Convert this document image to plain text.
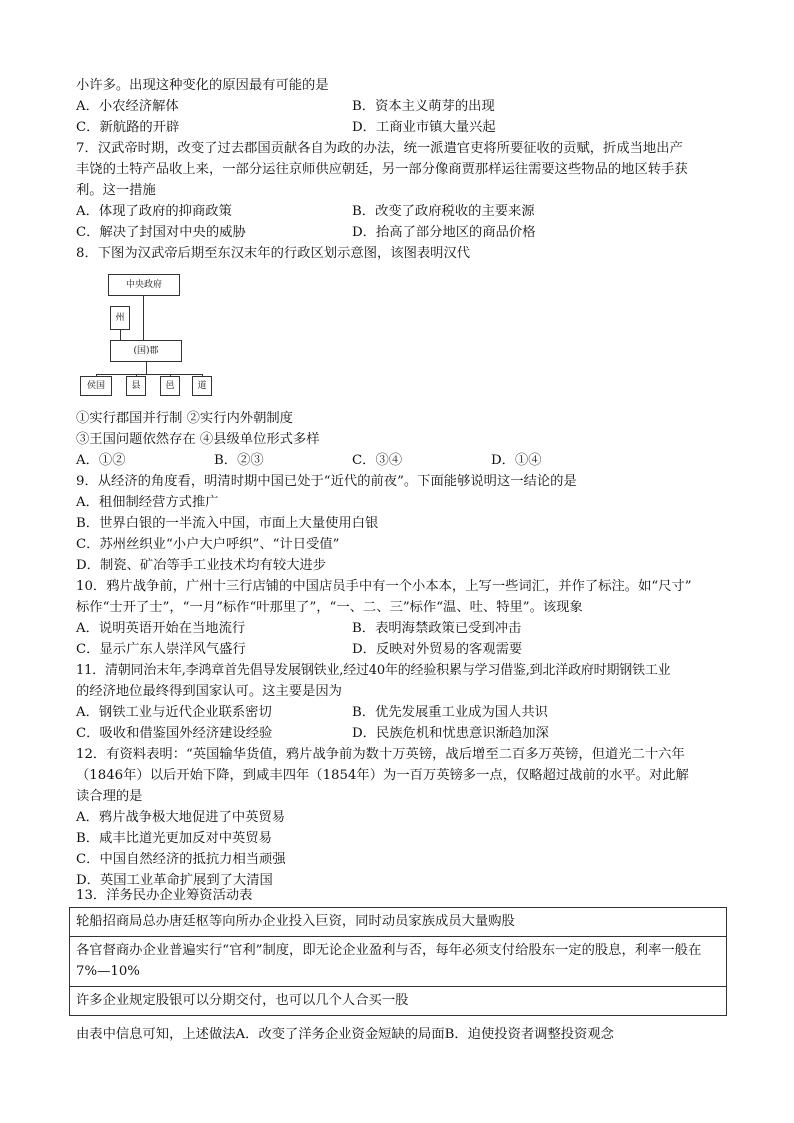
小许多。出现这种变化的原因最有可能的是
A．小农经济解体	B．资本主义萌芽的出现
C．新航路的开辟	D．工商业市镇大量兴起
7．汉武帝时期，改变了过去郡国贡献各自为政的办法，统一派遣官吏将所要征收的贡赋，折成当地出产
丰饶的土特产品收上来，一部分运往京师供应朝廷，另一部分像商贾那样运往需要这些物品的地区转手获
利。这一措施
A．体现了政府的抑商政策	B．改变了政府税收的主要来源
C．解决了封国对中央的威胁	D．抬高了部分地区的商品价格
8．下图为汉武帝后期至东汉末年的行政区划示意图，该图表明汉代
中央政府
州
(国)郡
侯国	县	邑	道
①实行郡国并行制 ②实行内外朝制度
③王国问题依然存在 ④县级单位形式多样
A．①②	B．②③	C．③④	D．①④
9．从经济的角度看，明清时期中国已处于“近代的前夜”。下面能够说明这一结论的是
A．租佃制经营方式推广
B．世界白银的一半流入中国，市面上大量使用白银
C．苏州丝织业“小户大户呼织”、“计日受值”
D．制瓷、矿冶等手工业技术均有较大进步
10．鸦片战争前，广州十三行店铺的中国店员手中有一个小本本，上写一些词汇，并作了标注。如“尺寸”
标作“士开了士”，“一月”标作“叶那里了”，“一、二、三”标作“温、吐、特里”。该现象
A．说明英语开始在当地流行	B．表明海禁政策已受到冲击
C．显示广东人崇洋风气盛行	D．反映对外贸易的客观需要
11．清朝同治末年,李鸿章首先倡导发展钢铁业,经过40年的经验积累与学习借鉴,到北洋政府时期钢铁工业
的经济地位最终得到国家认可。这主要是因为
A．钢铁工业与近代企业联系密切	B．优先发展重工业成为国人共识
C．吸收和借鉴国外经济建设经验	D．民族危机和忧患意识渐趋加深
12．有资料表明：“英国输华货值，鸦片战争前为数十万英镑，战后增至二百多万英镑，但道光二十六年
（1846年）以后开始下降，到咸丰四年（1854年）为一百万英镑多一点，仅略超过战前的水平。对此解
读合理的是
A．鸦片战争极大地促进了中英贸易
B．咸丰比道光更加反对中英贸易
C．中国自然经济的抵抗力相当顽强
D．英国工业革命扩展到了大清国
13．洋务民办企业筹资活动表
轮船招商局总办唐廷枢等向所办企业投入巨资，同时动员家族成员大量购股
各官督商办企业普遍实行“官利”制度，即无论企业盈利与否，每年必须支付给股东一定的股息，利率一般在7%—10%
许多企业规定股银可以分期交付，也可以几个人合买一股
由表中信息可知，上述做法A．改变了洋务企业资金短缺的局面B．迫使投资者调整投资观念
